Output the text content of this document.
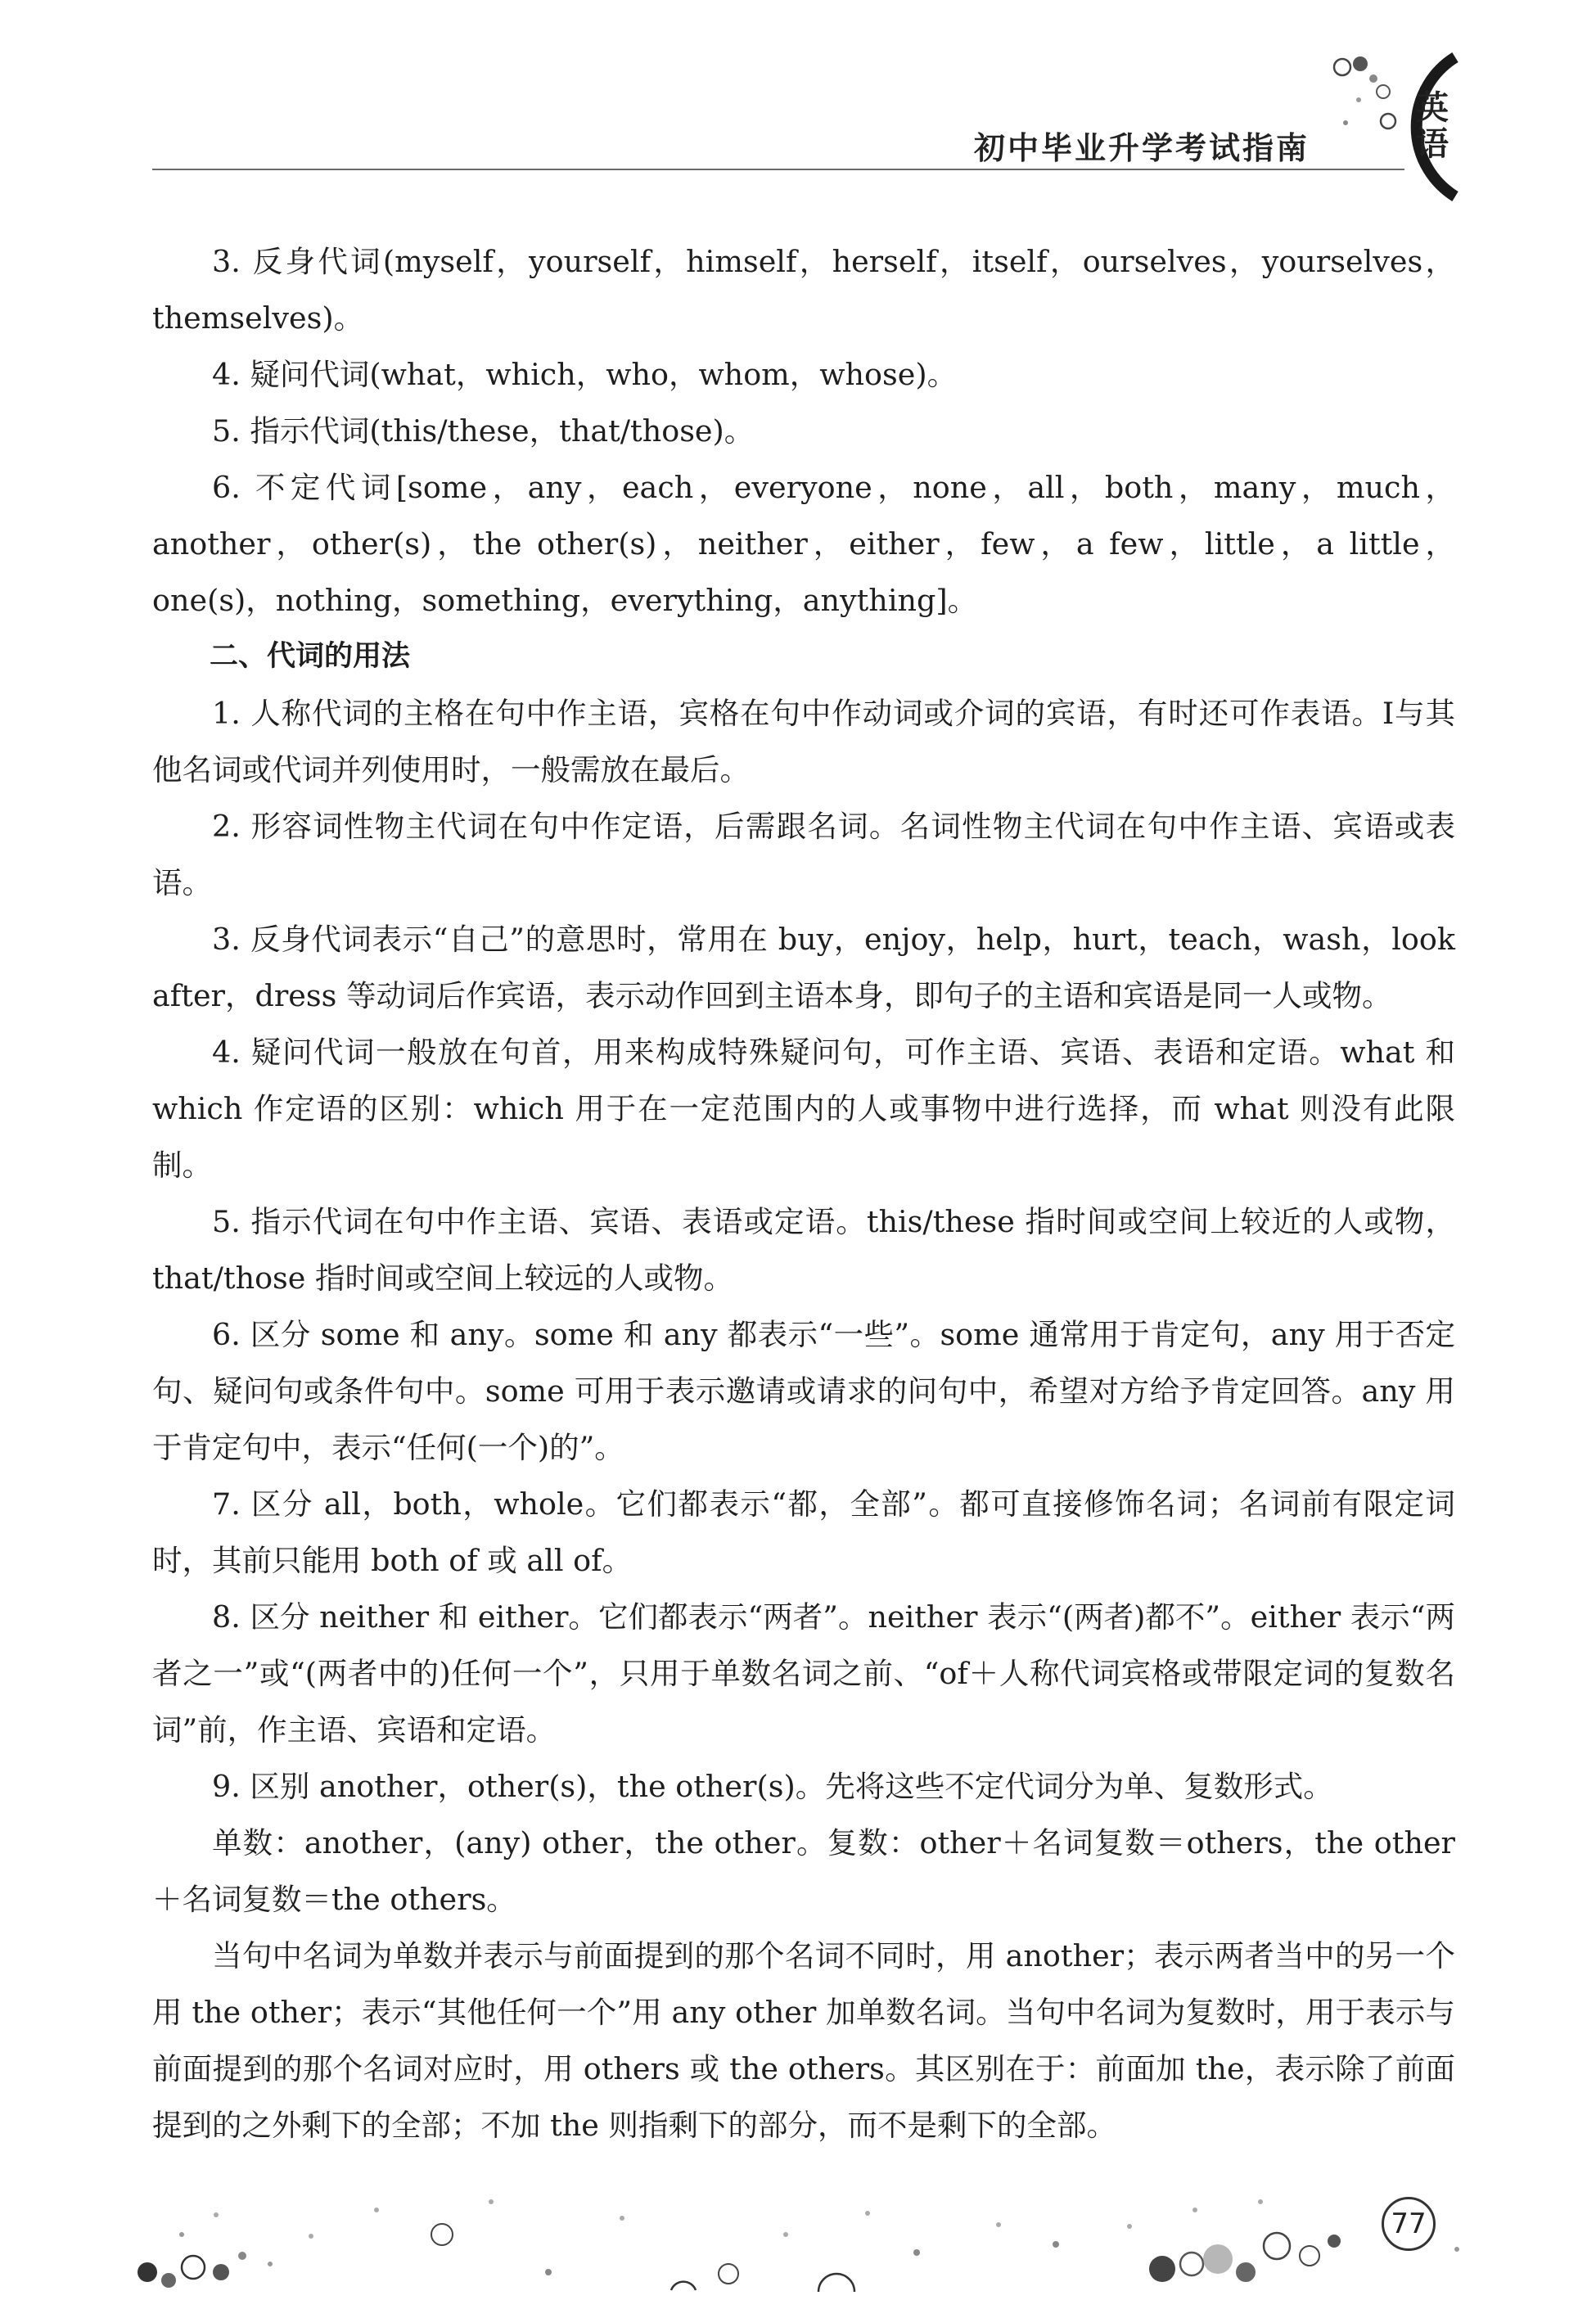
初中毕业升学考试指南
英语

3. 反身代词(myself，yourself，himself，herself，itself，ourselves，yourselves，themselves)。

4. 疑问代词(what，which，who，whom，whose)。

5. 指示代词(this/these，that/those)。

6. 不定代词[some，any，each，everyone，none，all，both，many，much，another，other(s)，the other(s)，neither，either，few，a few，little，a little，one(s)，nothing，something，everything，anything]。

二、代词的用法

1. 人称代词的主格在句中作主语，宾格在句中作动词或介词的宾语，有时还可作表语。I与其他名词或代词并列使用时，一般需放在最后。

2. 形容词性物主代词在句中作定语，后需跟名词。名词性物主代词在句中作主语、宾语或表语。

3. 反身代词表示“自己”的意思时，常用在 buy，enjoy，help，hurt，teach，wash，look after，dress 等动词后作宾语，表示动作回到主语本身，即句子的主语和宾语是同一人或物。

4. 疑问代词一般放在句首，用来构成特殊疑问句，可作主语、宾语、表语和定语。what 和 which 作定语的区别：which 用于在一定范围内的人或事物中进行选择，而 what 则没有此限制。

5. 指示代词在句中作主语、宾语、表语或定语。this/these 指时间或空间上较近的人或物，that/those 指时间或空间上较远的人或物。

6. 区分 some 和 any。some 和 any 都表示“一些”。some 通常用于肯定句，any 用于否定句、疑问句或条件句中。some 可用于表示邀请或请求的问句中，希望对方给予肯定回答。any 用于肯定句中，表示“任何(一个)的”。

7. 区分 all，both，whole。它们都表示“都，全部”。都可直接修饰名词；名词前有限定词时，其前只能用 both of 或 all of。

8. 区分 neither 和 either。它们都表示“两者”。neither 表示“(两者)都不”。either 表示“两者之一”或“(两者中的)任何一个”，只用于单数名词之前、“of＋人称代词宾格或带限定词的复数名词”前，作主语、宾语和定语。

9. 区别 another，other(s)，the other(s)。先将这些不定代词分为单、复数形式。

单数：another，(any) other，the other。复数：other＋名词复数＝others，the other＋名词复数＝the others。

当句中名词为单数并表示与前面提到的那个名词不同时，用 another；表示两者当中的另一个用 the other；表示“其他任何一个”用 any other 加单数名词。当句中名词为复数时，用于表示与前面提到的那个名词对应时，用 others 或 the others。其区别在于：前面加 the，表示除了前面提到的之外剩下的全部；不加 the 则指剩下的部分，而不是剩下的全部。

77
